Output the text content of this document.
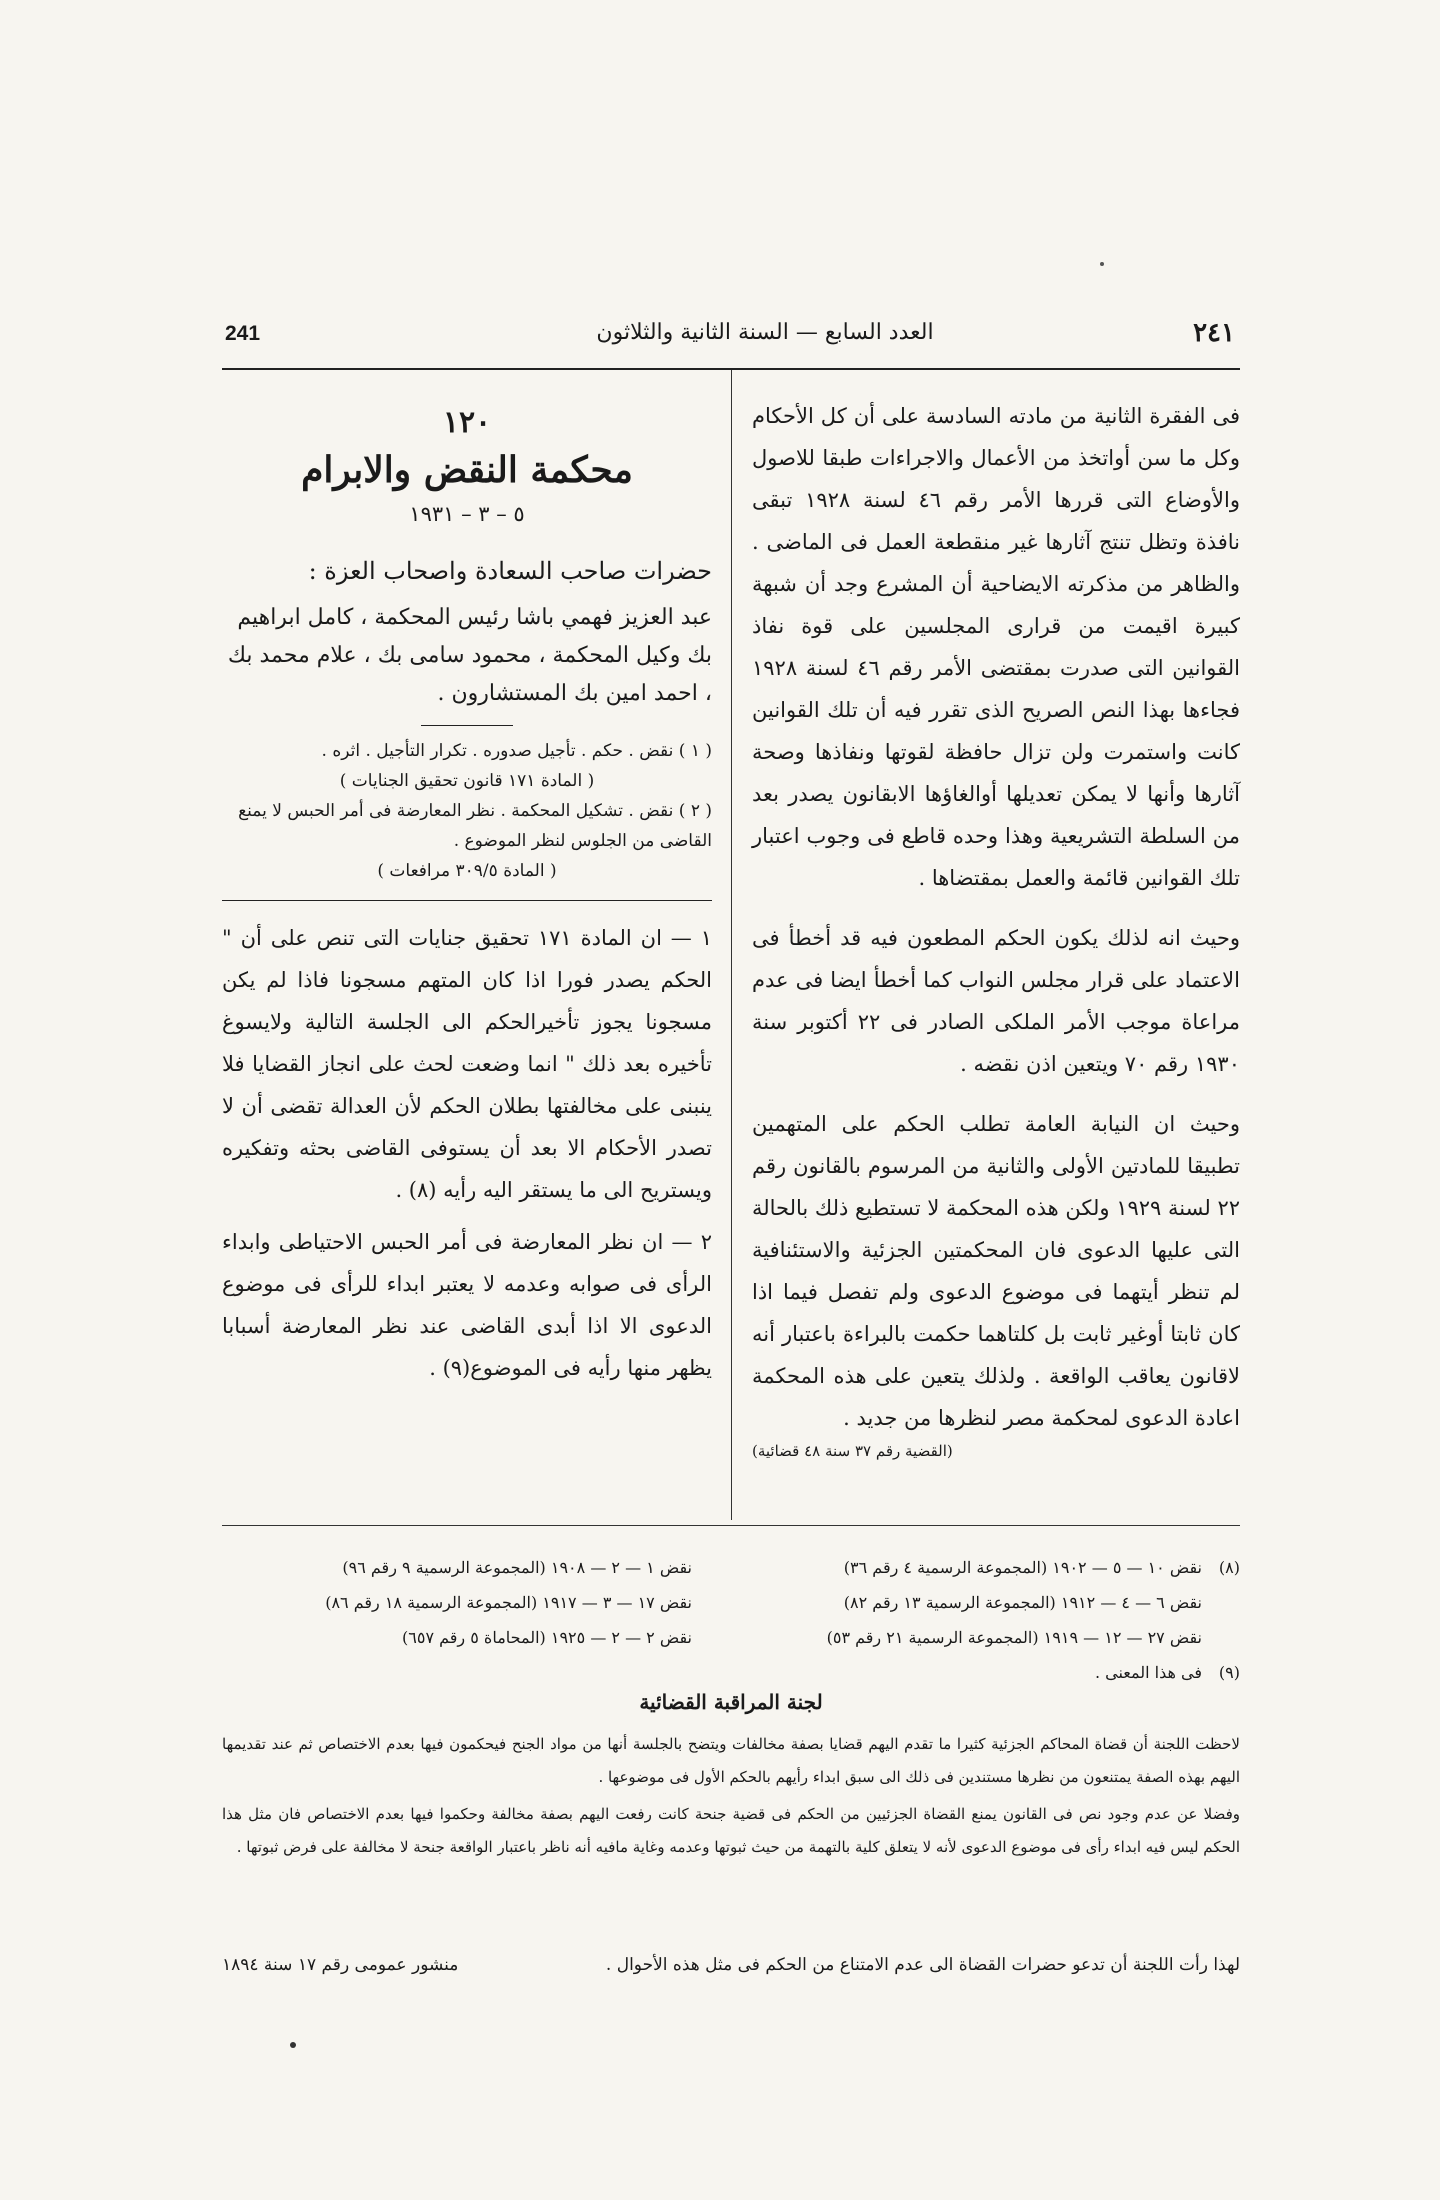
٢٤١
العدد السابع — السنة الثانية والثلاثون
241

فى الفقرة الثانية من مادته السادسة على أن كل الأحكام وكل ما سن أواتخذ من الأعمال والاجراءات طبقا للاصول والأوضاع التى قررها الأمر رقم ٤٦ لسنة ١٩٢٨ تبقى نافذة وتظل تنتج آثارها غير منقطعة العمل فى الماضى . والظاهر من مذكرته الايضاحية أن المشرع وجد أن شبهة كبيرة اقيمت من قرارى المجلسين على قوة نفاذ القوانين التى صدرت بمقتضى الأمر رقم ٤٦ لسنة ١٩٢٨ فجاءها بهذا النص الصريح الذى تقرر فيه أن تلك القوانين كانت واستمرت ولن تزال حافظة لقوتها ونفاذها وصحة آثارها وأنها لا يمكن تعديلها أوالغاؤها الابقانون يصدر بعد من السلطة التشريعية وهذا وحده قاطع فى وجوب اعتبار تلك القوانين قائمة والعمل بمقتضاها .

وحيث انه لذلك يكون الحكم المطعون فيه قد أخطأ فى الاعتماد على قرار مجلس النواب كما أخطأ ايضا فى عدم مراعاة موجب الأمر الملكى الصادر فى ٢٢ أكتوبر سنة ١٩٣٠ رقم ٧٠ ويتعين اذن نقضه .

وحيث ان النيابة العامة تطلب الحكم على المتهمين تطبيقا للمادتين الأولى والثانية من المرسوم بالقانون رقم ٢٢ لسنة ١٩٢٩ ولكن هذه المحكمة لا تستطيع ذلك بالحالة التى عليها الدعوى فان المحكمتين الجزئية والاستئنافية لم تنظر أيتهما فى موضوع الدعوى ولم تفصل فيما اذا كان ثابتا أوغير ثابت بل كلتاهما حكمت بالبراءة باعتبار أنه لاقانون يعاقب الواقعة . ولذلك يتعين على هذه المحكمة اعادة الدعوى لمحكمة مصر لنظرها من جديد .

(القضية رقم ٣٧ سنة ٤٨ قضائية)
١٢٠
محكمة النقض والابرام
٥ – ٣ – ١٩٣١
حضرات صاحب السعادة واصحاب العزة :
عبد العزيز فهمي باشا رئيس المحكمة ، كامل ابراهيم بك وكيل المحكمة ، محمود سامى بك ، علام محمد بك ، احمد امين بك المستشارون .
( ١ ) نقض . حكم . تأجيل صدوره . تكرار التأجيل . اثره .
( المادة ١٧١ قانون تحقيق الجنايات )
( ٢ ) نقض . تشكيل المحكمة . نظر المعارضة فى أمر الحبس لا يمنع القاضى من الجلوس لنظر الموضوع .
( المادة ٣٠٩/٥ مرافعات )

١ — ان المادة ١٧١ تحقيق جنايات التى تنص على أن " الحكم يصدر فورا اذا كان المتهم مسجونا فاذا لم يكن مسجونا يجوز تأخيرالحكم الى الجلسة التالية ولايسوغ تأخيره بعد ذلك " انما وضعت لحث على انجاز القضايا فلا ينبنى على مخالفتها بطلان الحكم لأن العدالة تقضى أن لا تصدر الأحكام الا بعد أن يستوفى القاضى بحثه وتفكيره ويستريح الى ما يستقر اليه رأيه (٨) .

٢ — ان نظر المعارضة فى أمر الحبس الاحتياطى وابداء الرأى فى صوابه وعدمه لا يعتبر ابداء للرأى فى موضوع الدعوى الا اذا أبدى القاضى عند نظر المعارضة أسبابا يظهر منها رأيه فى الموضوع(٩) .

(٨)نقض ١٠ — ٥ — ١٩٠٢ (المجموعة الرسمية ٤ رقم ٣٦)
نقض ٦ — ٤ — ١٩١٢ (المجموعة الرسمية ١٣ رقم ٨٢)
نقض ٢٧ — ١٢ — ١٩١٩ (المجموعة الرسمية ٢١ رقم ٥٣)
(٩)فى هذا المعنى .
نقض ١ — ٢ — ١٩٠٨ (المجموعة الرسمية ٩ رقم ٩٦)
نقض ١٧ — ٣ — ١٩١٧ (المجموعة الرسمية ١٨ رقم ٨٦)
نقض ٢ — ٢ — ١٩٢٥ (المحاماة ٥ رقم ٦٥٧)
لجنة المراقبة القضائية

لاحظت اللجنة أن قضاة المحاكم الجزئية كثيرا ما تقدم اليهم قضايا بصفة مخالفات ويتضح بالجلسة أنها من مواد الجنح فيحكمون فيها بعدم الاختصاص ثم عند تقديمها اليهم بهذه الصفة يمتنعون من نظرها مستندين فى ذلك الى سبق ابداء رأيهم بالحكم الأول فى موضوعها .

وفضلا عن عدم وجود نص فى القانون يمنع القضاة الجزئيين من الحكم فى قضية جنحة كانت رفعت اليهم بصفة مخالفة وحكموا فيها بعدم الاختصاص فان مثل هذا الحكم ليس فيه ابداء رأى فى موضوع الدعوى لأنه لا يتعلق كلية بالتهمة من حيث ثبوتها وعدمه وغاية مافيه أنه ناظر باعتبار الواقعة جنحة لا مخالفة على فرض ثبوتها .

لهذا رأت اللجنة أن تدعو حضرات القضاة الى عدم الامتناع من الحكم فى مثل هذه الأحوال .
منشور عمومى رقم ١٧ سنة ١٨٩٤
